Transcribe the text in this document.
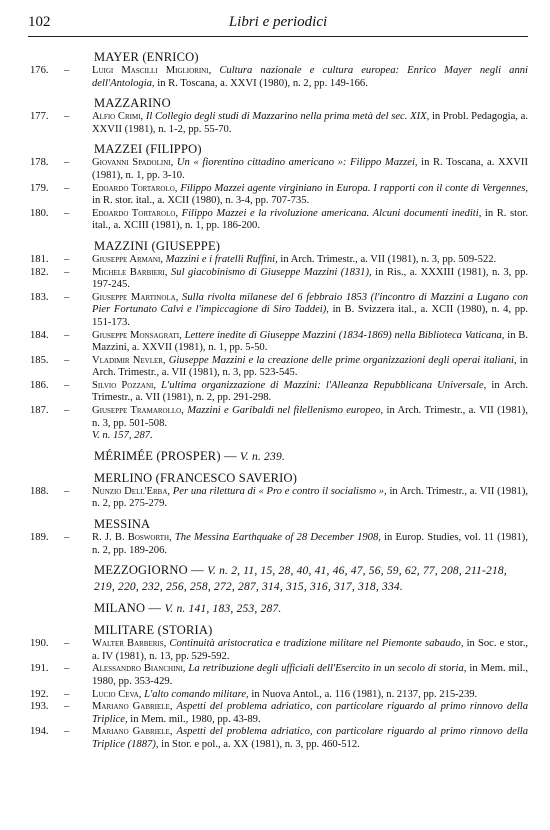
102	Libri e periodici
MAYER (ENRICO)
176. – Luigi Mascilli Migliorini, Cultura nazionale e cultura europea: Enrico Mayer negli anni dell'Antologia, in R. Toscana, a. XXVI (1980), n. 2, pp. 149-166.
MAZZARINO
177. – Alfio Crimi, Il Collegio degli studi di Mazzarino nella prima metà del sec. XIX, in Probl. Pedagogia, a. XXVII (1981), n. 1-2, pp. 55-70.
MAZZEI (FILIPPO)
178. – Giovanni Spadolini, Un « fiorentino cittadino americano »: Filippo Mazzei, in R. Toscana, a. XXVII (1981), n. 1, pp. 3-10.
179. – Edoardo Tortarolo, Filippo Mazzei agente virginiano in Europa. I rapporti con il conte di Vergennes, in R. stor. ital., a. XCII (1980), n. 3-4, pp. 707-735.
180. – Edoardo Tortarolo, Filippo Mazzei e la rivoluzione americana. Alcuni documenti inediti, in R. stor. ital., a. XCIII (1981), n. 1, pp. 186-200.
MAZZINI (GIUSEPPE)
181. – Giuseppe Armani, Mazzini e i fratelli Ruffini, in Arch. Trimestr., a. VII (1981), n. 3, pp. 509-522.
182. – Michele Barbieri, Sul giacobinismo di Giuseppe Mazzini (1831), in Ris., a. XXXIII (1981), n. 3, pp. 197-245.
183. – Giuseppe Martinola, Sulla rivolta milanese del 6 febbraio 1853 (l'incontro di Mazzini a Lugano con Pier Fortunato Calvi e l'impiccagione di Siro Taddei), in B. Svizzera ital., a. XCII (1980), n. 4, pp. 151-173.
184. – Giuseppe Monsagrati, Lettere inedite di Giuseppe Mazzini (1834-1869) nella Biblioteca Vaticana, in B. Mazzini, a. XXVII (1981), n. 1, pp. 5-50.
185. – Vladimir Nevler, Giuseppe Mazzini e la creazione delle prime organizzazioni degli operai italiani, in Arch. Trimestr., a. VII (1981), n. 3, pp. 523-545.
186. – Silvio Pozzani, L'ultima organizzazione di Mazzini: l'Alleanza Repubblicana Universale, in Arch. Trimestr., a. VII (1981), n. 2, pp. 291-298.
187. – Giuseppe Tramarollo, Mazzini e Garibaldi nel filellenismo europeo, in Arch. Trimestr., a. VII (1981), n. 3, pp. 501-508.
V. n. 157, 287.
MÉRIMÉE (PROSPER) — V. n. 239.
MERLINO (FRANCESCO SAVERIO)
188. – Nunzio Dell'Erba, Per una rilettura di « Pro e contro il socialismo », in Arch. Trimestr., a. VII (1981), n. 2, pp. 275-279.
MESSINA
189. – R. J. B. Bosworth, The Messina Earthquake of 28 December 1908, in Europ. Studies, vol. 11 (1981), n. 2, pp. 189-206.
MEZZOGIORNO — V. n. 2, 11, 15, 28, 40, 41, 46, 47, 56, 59, 62, 77, 208, 211-218, 219, 220, 232, 256, 258, 272, 287, 314, 315, 316, 317, 318, 334.
MILANO — V. n. 141, 183, 253, 287.
MILITARE (STORIA)
190. – Walter Barberis, Continuità aristocratica e tradizione militare nel Piemonte sabaudo, in Soc. e stor., a. IV (1981), n. 13, pp. 529-592.
191. – Alessandro Bianchini, La retribuzione degli ufficiali dell'Esercito in un secolo di storia, in Mem. mil., 1980, pp. 353-429.
192. – Lucio Ceva, L'alto comando militare, in Nuova Antol., a. 116 (1981), n. 2137, pp. 215-239.
193. – Mariano Gabriele, Aspetti del problema adriatico, con particolare riguardo al primo rinnovo della Triplice, in Mem. mil., 1980, pp. 43-89.
194. – Mariano Gabriele, Aspetti del problema adriatico, con particolare riguardo al primo rinnovo della Triplice (1887), in Stor. e pol., a. XX (1981), n. 3, pp. 460-512.
